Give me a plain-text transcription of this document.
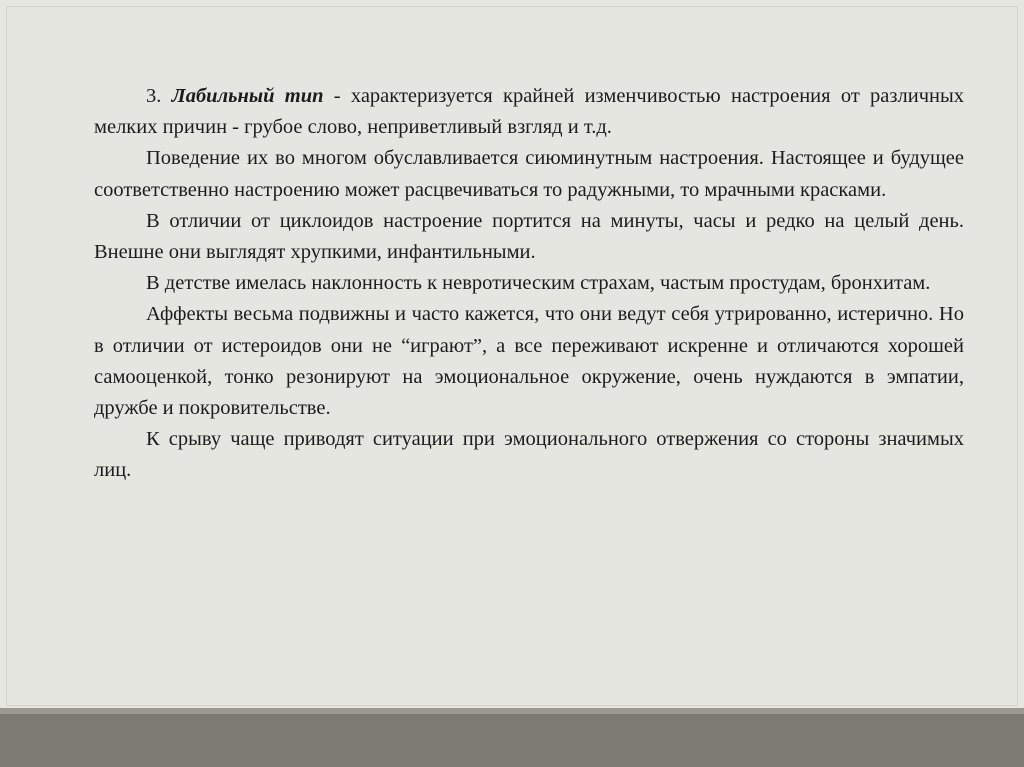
3. Лабильный тип - характеризуется крайней изменчивостью настроения от различных мелких причин - грубое слово, неприветливый взгляд и т.д.

Поведение их во многом обуславливается сиюминутным настроения. Настоящее и будущее соответственно настроению может расцвечиваться то радужными, то мрачными красками.

В отличии от циклоидов настроение портится на минуты, часы и редко на целый день. Внешне они выглядят хрупкими, инфантильными.

В детстве имелась наклонность к невротическим страхам, частым простудам, бронхитам.

Аффекты весьма подвижны и часто кажется, что они ведут себя утрированно, истерично. Но в отличии от истероидов они не “играют”, а все переживают искренне и отличаются хорошей самооценкой, тонко резонируют на эмоциональное окружение, очень нуждаются в эмпатии, дружбе и покровительстве.

К срыву чаще приводят ситуации при эмоционального отвержения со стороны значимых лиц.
